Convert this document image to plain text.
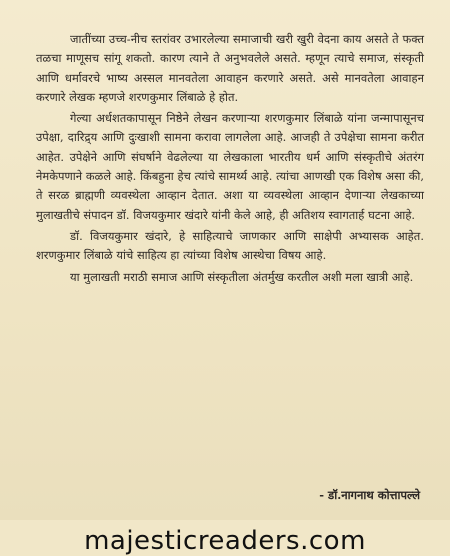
जातींच्या उच्च-नीच स्तरांवर उभारलेल्या समाजाची खरी खुरी वेदना काय असते ते फक्त तळचा माणूसच सांगू शकतो. कारण त्याने ते अनुभवलेले असते. म्हणून त्याचे समाज, संस्कृती आणि धर्मावरचे भाष्य अस्सल मानवतेला आवाहन करणारे असते. असे मानवतेला आवाहन करणारे लेखक म्हणजे शरणकुमार लिंबाळे हे होत.

गेल्या अर्धशतकापासून निष्ठेने लेखन करणाऱ्या शरणकुमार लिंबाळे यांना जन्मापासूनच उपेक्षा, दारिद्र्य आणि दुःखाशी सामना करावा लागलेला आहे. आजही ते उपेक्षेचा सामना करीत आहेत. उपेक्षेने आणि संघर्षाने वेढलेल्या या लेखकाला भारतीय धर्म आणि संस्कृतीचे अंतरंग नेमकेपणाने कळले आहे. किंबहुना हेच त्यांचे सामर्थ्य आहे. त्यांचा आणखी एक विशेष असा की, ते सरळ ब्राह्मणी व्यवस्थेला आव्हान देतात. अशा या व्यवस्थेला आव्हान देणाऱ्या लेखकाच्या मुलाखतीचे संपादन डॉ. विजयकुमार खंदारे यांनी केले आहे, ही अतिशय स्वागतार्ह घटना आहे.

डॉ. विजयकुमार खंदारे, हे साहित्याचे जाणकार आणि साक्षेपी अभ्यासक आहेत. शरणकुमार लिंबाळे यांचे साहित्य हा त्यांच्या विशेष आस्थेचा विषय आहे.

या मुलाखती मराठी समाज आणि संस्कृतीला अंतर्मुख करतील अशी मला खात्री आहे.

- डॉ.नागनाथ कोत्तापल्ले
majesticreaders.com
